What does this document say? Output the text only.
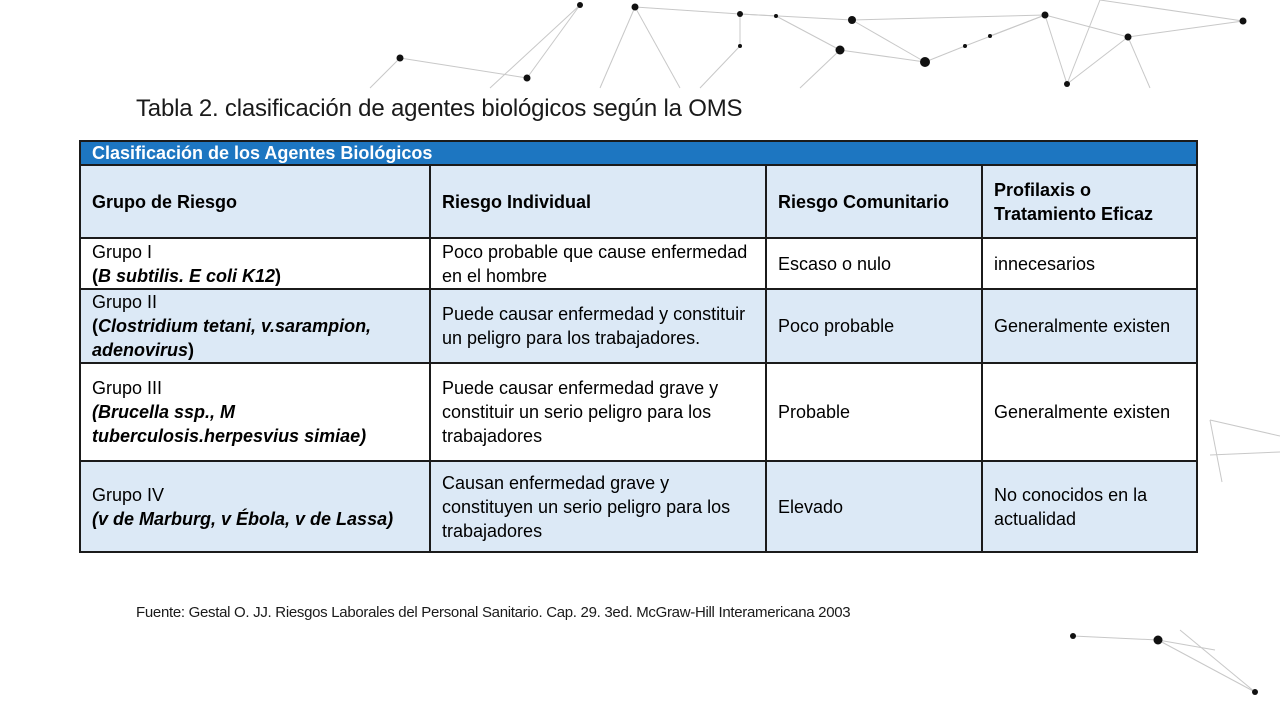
Tabla 2. clasificación de agentes biológicos según la OMS
Clasificación de los Agentes Biológicos			
Grupo de Riesgo	Riesgo Individual	Riesgo Comunitario	Profilaxis o Tratamiento Eficaz

Grupo I
(B subtilis. E coli K12)	Poco probable que cause enfermedad en el hombre	Escaso o nulo	innecesarios

Grupo II
(Clostridium tetani, v.sarampion, adenovirus)	Puede causar enfermedad y constituir un peligro para los trabajadores.	Poco probable	Generalmente existen

Grupo III
(Brucella ssp., M tuberculosis.herpesvius simiae)	Puede causar enfermedad grave y constituir un serio peligro para los trabajadores	Probable	Generalmente existen

Grupo IV
(v de Marburg, v Ébola, v de Lassa)	Causan enfermedad grave y constituyen un serio peligro para los trabajadores	Elevado	No conocidos en la actualidad
Fuente: Gestal O. JJ. Riesgos Laborales del Personal Sanitario. Cap. 29. 3ed. McGraw-Hill Interamericana 2003
